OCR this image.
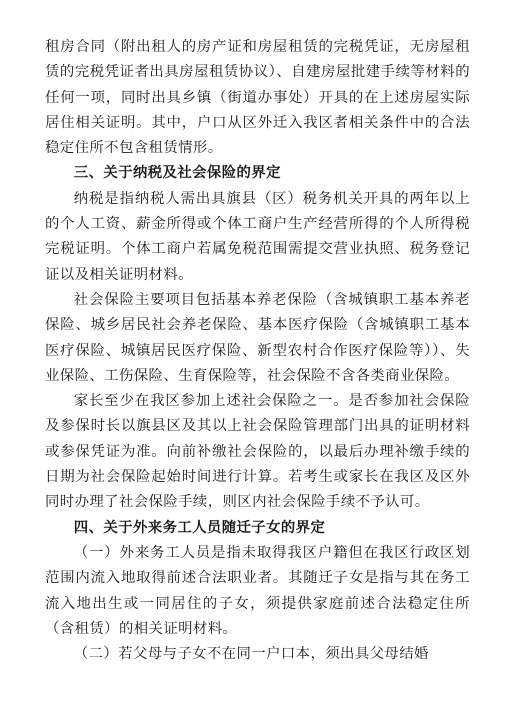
租房合同（附出租人的房产证和房屋租赁的完税凭证，无房屋租赁的完税凭证者出具房屋租赁协议）、自建房屋批建手续等材料的任何一项，同时出具乡镇（街道办事处）开具的在上述房屋实际居住相关证明。其中，户口从区外迁入我区者相关条件中的合法稳定住所不包含租赁情形。

三、关于纳税及社会保险的界定

纳税是指纳税人需出具旗县（区）税务机关开具的两年以上的个人工资、薪金所得或个体工商户生产经营所得的个人所得税完税证明。个体工商户若属免税范围需提交营业执照、税务登记证以及相关证明材料。

社会保险主要项目包括基本养老保险（含城镇职工基本养老保险、城乡居民社会养老保险、基本医疗保险（含城镇职工基本医疗保险、城镇居民医疗保险、新型农村合作医疗保险等））、失业保险、工伤保险、生育保险等，社会保险不含各类商业保险。

家长至少在我区参加上述社会保险之一。是否参加社会保险及参保时长以旗县区及其以上社会保险管理部门出具的证明材料或参保凭证为准。向前补缴社会保险的，以最后办理补缴手续的日期为社会保险起始时间进行计算。若考生或家长在我区及区外同时办理了社会保险手续，则区内社会保险手续不予认可。

四、关于外来务工人员随迁子女的界定

（一）外来务工人员是指未取得我区户籍但在我区行政区划范围内流入地取得前述合法职业者。其随迁子女是指与其在务工流入地出生或一同居住的子女，须提供家庭前述合法稳定住所（含租赁）的相关证明材料。

（二）若父母与子女不在同一户口本，须出具父母结婚
